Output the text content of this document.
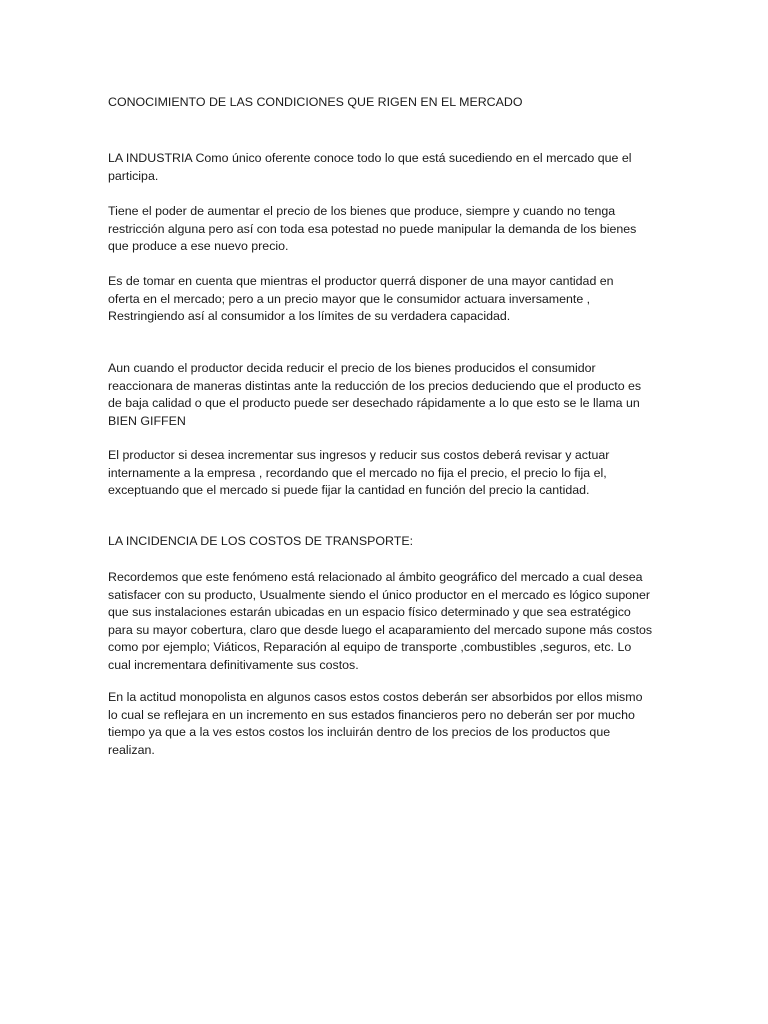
CONOCIMIENTO DE LAS CONDICIONES QUE RIGEN EN EL MERCADO

LA INDUSTRIA Como único oferente conoce todo lo que está sucediendo en el mercado que el
participa.

Tiene el poder de aumentar el precio de los bienes que produce, siempre y cuando no tenga
restricción alguna pero así con toda esa potestad no puede manipular la demanda de los bienes
que produce a ese nuevo precio.

Es de tomar en cuenta que mientras el productor querrá disponer de una mayor cantidad en
oferta en el mercado; pero a un precio mayor que le consumidor actuara inversamente ,
Restringiendo así al consumidor a los límites de su verdadera capacidad.

Aun cuando el productor decida reducir el precio de los bienes producidos el consumidor
reaccionara de maneras distintas ante la reducción de los precios deduciendo que el producto es
de baja calidad o que el producto puede ser desechado rápidamente a lo que esto se le llama un
BIEN GIFFEN

El productor si desea incrementar sus ingresos y reducir sus costos deberá revisar y actuar
internamente a la empresa , recordando que el mercado no fija el precio, el precio lo fija el,
exceptuando que el mercado si puede fijar la cantidad en función del precio la cantidad.

LA INCIDENCIA DE LOS COSTOS DE TRANSPORTE:

Recordemos que este fenómeno está relacionado al ámbito geográfico del mercado a cual desea
satisfacer con su producto, Usualmente siendo el único productor en el mercado es lógico suponer
que sus instalaciones estarán ubicadas en un espacio físico determinado y que sea estratégico
para su mayor cobertura, claro que desde luego el acaparamiento del mercado supone más costos
como por ejemplo; Viáticos, Reparación al equipo de transporte ,combustibles ,seguros, etc. Lo
cual incrementara definitivamente sus costos.

En la actitud monopolista en algunos casos estos costos deberán ser absorbidos por ellos mismo
lo cual se reflejara en un incremento en sus estados financieros pero no deberán ser por mucho
tiempo ya que a la ves estos costos los incluirán dentro de los precios de los productos que
realizan.
